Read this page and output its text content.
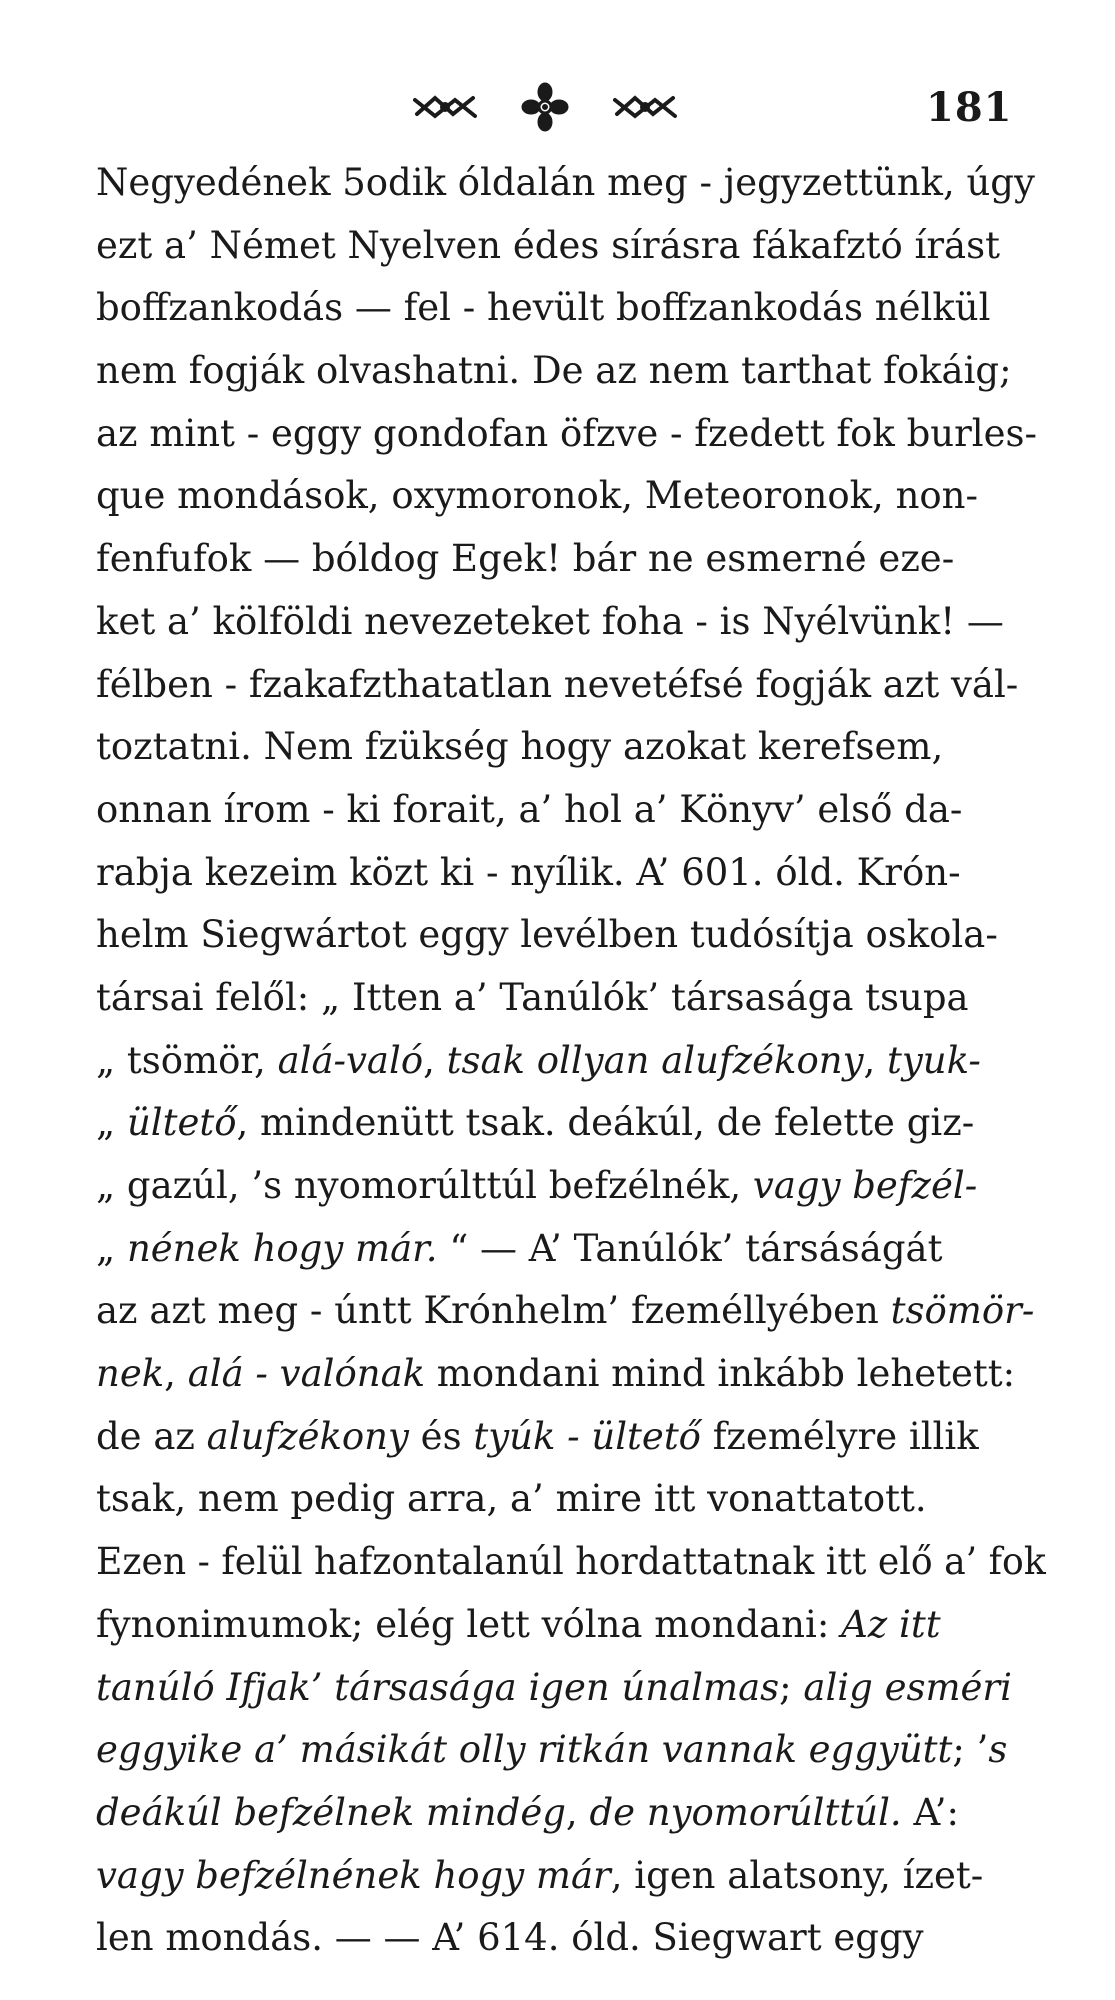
181
Negyedének 5odik óldalán meg - jegyzettünk, úgy
ezt a’ Német Nyelven édes sírásra fákafztó írást
boffzankodás — fel - hevült boffzankodás nélkül
nem fogják olvashatni. De az nem tarthat fokáig;
az mint - eggy gondofan öfzve - fzedett fok burles-
que mondások, oxymoronok, Meteoronok, non-
fenfufok — bóldog Egek! bár ne esmerné eze-
ket a’ kölföldi nevezeteket foha - is Nyélvünk! —
félben - fzakafzthatatlan nevetéfsé fogják azt vál-
toztatni. Nem fzükség hogy azokat kerefsem,
onnan írom - ki forait, a’ hol a’ Könyv’ első da-
rabja kezeim közt ki - nyílik. A’ 601. óld. Krón-
helm Siegwártot eggy levélben tudósítja oskola-
társai felől: „ Itten a’ Tanúlók’ társasága tsupa
„ tsömör, alá-való, tsak ollyan alufzékony, tyuk-
„ ültető, mindenütt tsak. deákúl, de felette giz-
„ gazúl, ’s nyomorúlttúl befzélnék, vagy befzél-
„ nének hogy már. “ — A’ Tanúlók’ társáságát
az azt meg - úntt Krónhelm’ fzeméllyében tsömör-
nek, alá - valónak mondani mind inkább lehetett:
de az alufzékony és tyúk - ültető fzemélyre illik
tsak, nem pedig arra, a’ mire itt vonattatott.
Ezen - felül hafzontalanúl hordattatnak itt elő a’ fok
fynonimumok; elég lett vólna mondani: Az itt
tanúló Ifjak’ társasága igen únalmas; alig esméri
eggyike a’ másikát olly ritkán vannak eggyütt; ’s
deákúl befzélnek mindég, de nyomorúlttúl. A’:
vagy befzélnének hogy már, igen alatsony, ízet-
len mondás. — — A’ 614. óld. Siegwart eggy
